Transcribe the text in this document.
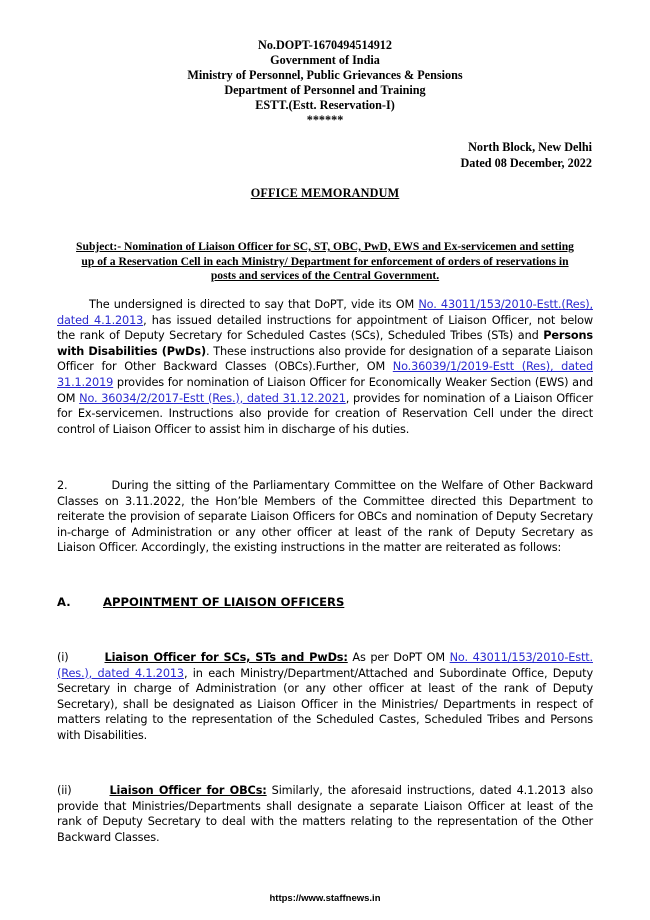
No.DOPT-1670494514912
Government of India
Ministry of Personnel, Public Grievances & Pensions
Department of Personnel and Training
ESTT.(Estt. Reservation-I)
******
North Block, New Delhi
Dated 08 December, 2022
OFFICE MEMORANDUM
Subject:- Nomination of Liaison Officer for SC, ST, OBC, PwD, EWS and Ex-servicemen and setting
up of a Reservation Cell in each Ministry/ Department for enforcement of orders of reservations in
posts and services of the Central Government.
The undersigned is directed to say that DoPT, vide its OM No. 43011/153/2010-Estt.(Res), dated 4.1.2013, has issued detailed instructions for appointment of Liaison Officer, not below the rank of Deputy Secretary for Scheduled Castes (SCs), Scheduled Tribes (STs) and Persons with Disabilities (PwDs). These instructions also provide for designation of a separate Liaison Officer for Other Backward Classes (OBCs).Further, OM No.36039/1/2019-Estt (Res), dated 31.1.2019 provides for nomination of Liaison Officer for Economically Weaker Section (EWS) and OM No. 36034/2/2017-Estt (Res.), dated 31.12.2021, provides for nomination of a Liaison Officer for Ex-servicemen. Instructions also provide for creation of Reservation Cell under the direct control of Liaison Officer to assist him in discharge of his duties.
2.	During the sitting of the Parliamentary Committee on the Welfare of Other Backward Classes on 3.11.2022, the Hon’ble Members of the Committee directed this Department to reiterate the provision of separate Liaison Officers for OBCs and nomination of Deputy Secretary in-charge of Administration or any other officer at least of the rank of Deputy Secretary as Liaison Officer. Accordingly, the existing instructions in the matter are reiterated as follows:
A.	APPOINTMENT OF LIAISON OFFICERS
(i)	Liaison Officer for SCs, STs and PwDs: As per DoPT OM No. 43011/153/2010-Estt. (Res.), dated 4.1.2013, in each Ministry/Department/Attached and Subordinate Office, Deputy Secretary in charge of Administration (or any other officer at least of the rank of Deputy Secretary), shall be designated as Liaison Officer in the Ministries/ Departments in respect of matters relating to the representation of the Scheduled Castes, Scheduled Tribes and Persons with Disabilities.
(ii)	Liaison Officer for OBCs: Similarly, the aforesaid instructions, dated 4.1.2013 also provide that Ministries/Departments shall designate a separate Liaison Officer at least of the rank of Deputy Secretary to deal with the matters relating to the representation of the Other Backward Classes.
https://www.staffnews.in
